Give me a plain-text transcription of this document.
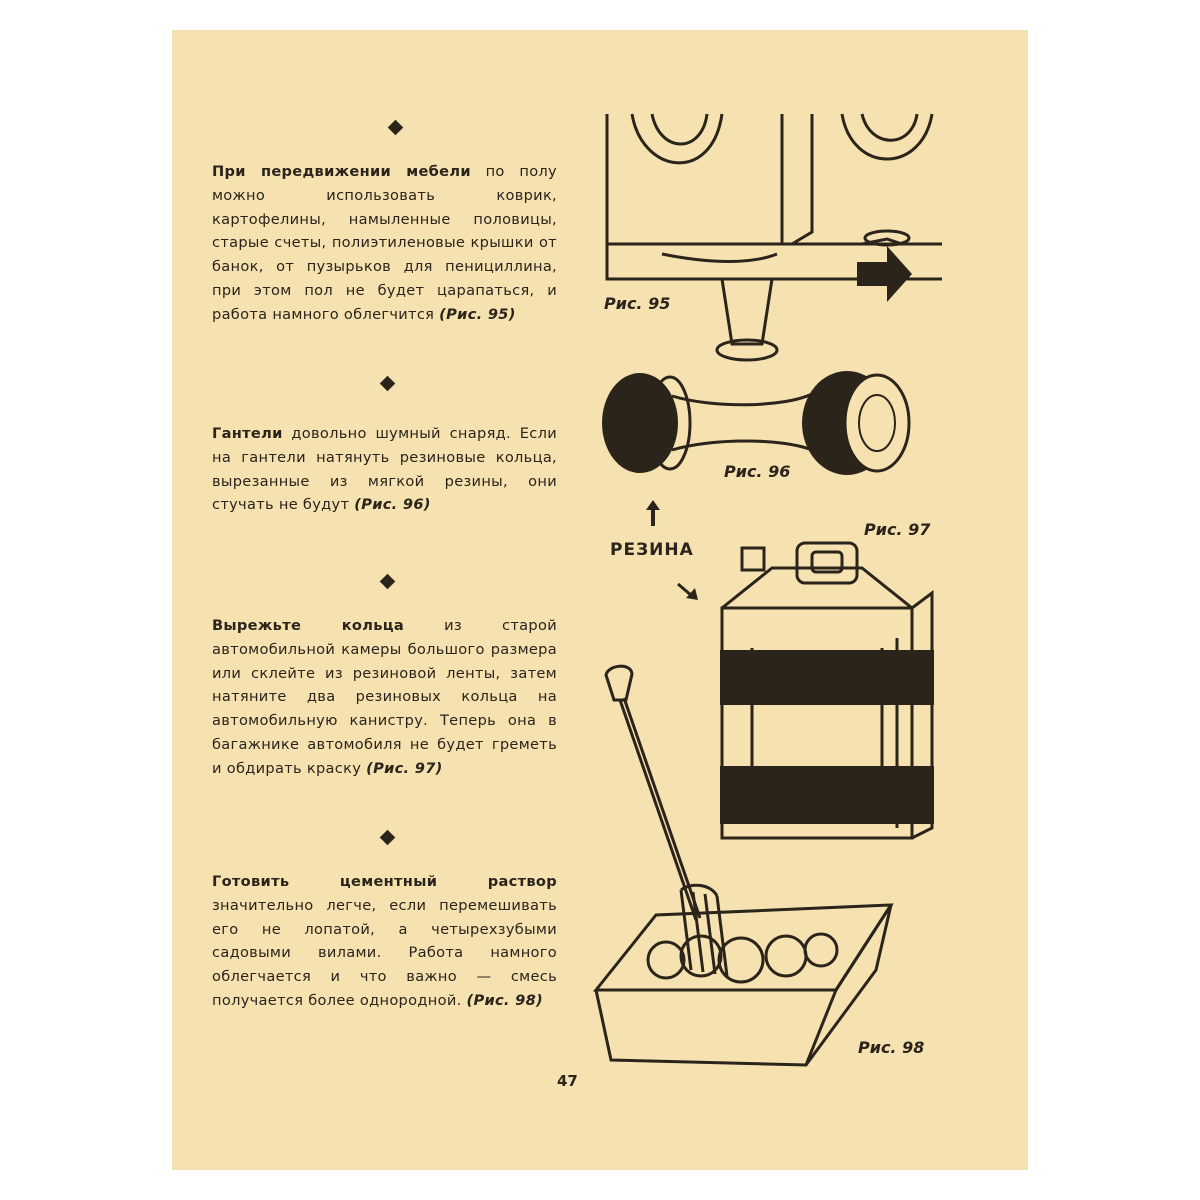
При передвижении мебели по полу можно использовать коврик, картофелины, намыленные половицы, старые счеты, полиэтиленовые крышки от банок, от пузырьков для пенициллина, при этом пол не будет царапаться, и работа намного облегчится (Рис. 95)
Гантели довольно шумный снаряд. Если на гантели натянуть резиновые кольца, вырезанные из мягкой резины, они стучать не будут (Рис. 96)
Вырежьте кольца из старой автомобильной камеры большого размера или склейте из резиновой ленты, затем натяните два резиновых кольца на автомобильную канистру. Теперь она в багажнике автомобиля не будет греметь и обдирать краску (Рис. 97)
Готовить цементный раствор значительно легче, если перемешивать его не лопатой, а четырехзубыми садовыми вилами. Работа намного облегчается и что важно — смесь получается более однородной. (Рис. 98)
Рис. 95
Рис. 96
РЕЗИНА
Рис. 97
Рис. 98
47
